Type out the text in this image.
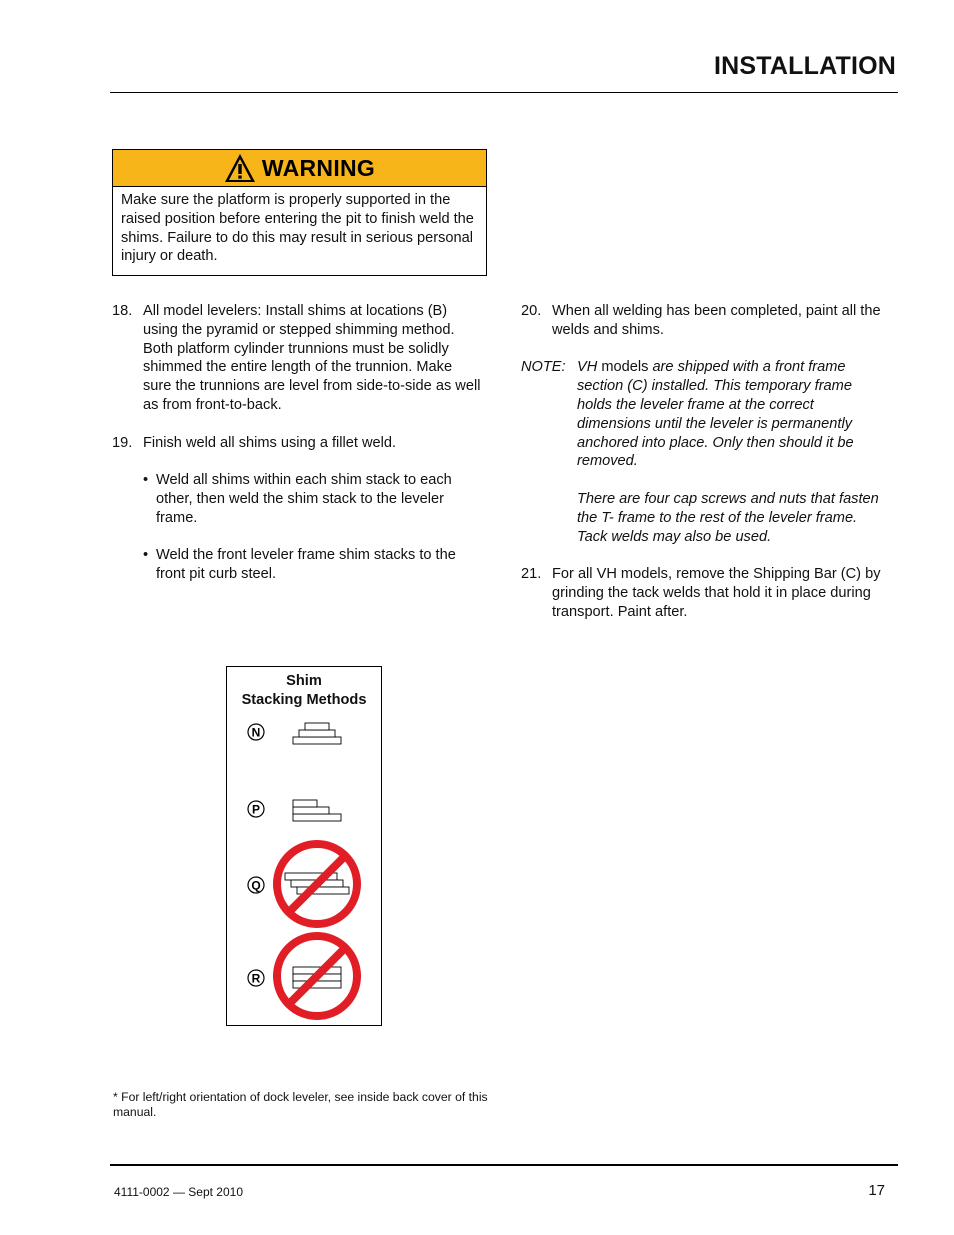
INSTALLATION
WARNING
Make sure the platform is properly supported in the raised position before entering the pit to finish weld the shims. Failure to do this may result in serious personal injury or death.
18. All model levelers: Install shims at locations (B) using the pyramid or stepped shimming method. Both platform cylinder trunnions must be solidly shimmed the entire length of the trunnion. Make sure the trunnions are level from side-to-side as well as from front-to-back.
19. Finish weld all shims using a fillet weld.
• Weld all shims within each shim stack to each other, then weld the shim stack to the leveler frame.
• Weld the front leveler frame shim stacks to the front pit curb steel.
20. When all welding has been completed, paint all the welds and shims.
NOTE: VH models are shipped with a front frame section (C) installed. This temporary frame holds the leveler frame at the correct dimensions until the leveler is permanently anchored into place. Only then should it be removed.
There are four cap screws and nuts that fasten the T- frame to the rest of the leveler frame. Tack welds may also be used.
21. For all VH models, remove the Shipping Bar (C) by grinding the tack welds that hold it in place during transport. Paint after.
Shim
Stacking Methods
N
P
Q
R
* For left/right orientation of dock leveler, see inside back cover of this manual.
4111-0002 — Sept 2010	17
